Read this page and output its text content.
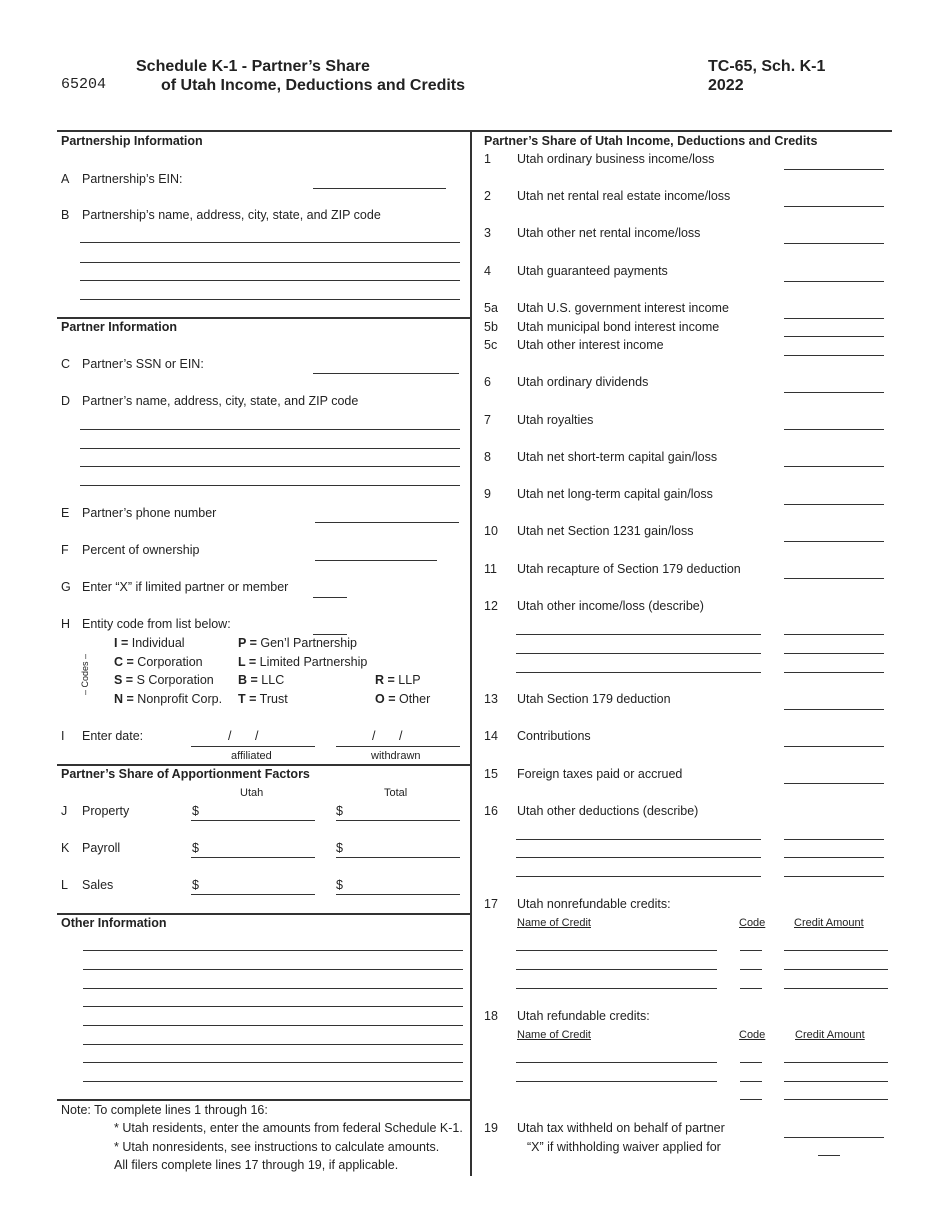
65204
Schedule K-1 - Partner’s Share
of Utah Income, Deductions and Credits
TC-65, Sch. K-1
2022
Partnership Information
A Partnership’s EIN:
B Partnership’s name, address, city, state, and ZIP code
Partner Information
C Partner’s SSN or EIN:
D Partner’s name, address, city, state, and ZIP code
E Partner’s phone number
F Percent of ownership
G Enter “X” if limited partner or member
H Entity code from list below:
– Codes –
I = Individual	P = Gen’l Partnership
C = Corporation	L = Limited Partnership
S = S Corporation B = LLC	R = LLP
N = Nonprofit Corp. T = Trust	O = Other
I Enter date:	/ /	/ /
affiliated	withdrawn
Partner’s Share of Apportionment Factors
Utah	Total
J Property	$	$
K Payroll	$	$
L Sales	$	$
Other Information
Note: To complete lines 1 through 16:
* Utah residents, enter the amounts from federal Schedule K-1.
* Utah nonresidents, see instructions to calculate amounts.
All filers complete lines 17 through 19, if applicable.
Partner’s Share of Utah Income, Deductions and Credits
1 Utah ordinary business income/loss
2 Utah net rental real estate income/loss
3 Utah other net rental income/loss
4 Utah guaranteed payments
5a Utah U.S. government interest income
5b Utah municipal bond interest income
5c Utah other interest income
6 Utah ordinary dividends
7 Utah royalties
8 Utah net short-term capital gain/loss
9 Utah net long-term capital gain/loss
10 Utah net Section 1231 gain/loss
11 Utah recapture of Section 179 deduction
12 Utah other income/loss (describe)
13 Utah Section 179 deduction
14 Contributions
15 Foreign taxes paid or accrued
16 Utah other deductions (describe)
17 Utah nonrefundable credits:
Name of Credit	Code	Credit Amount
18 Utah refundable credits:
Name of Credit	Code	Credit Amount
19 Utah tax withheld on behalf of partner
“X” if withholding waiver applied for
